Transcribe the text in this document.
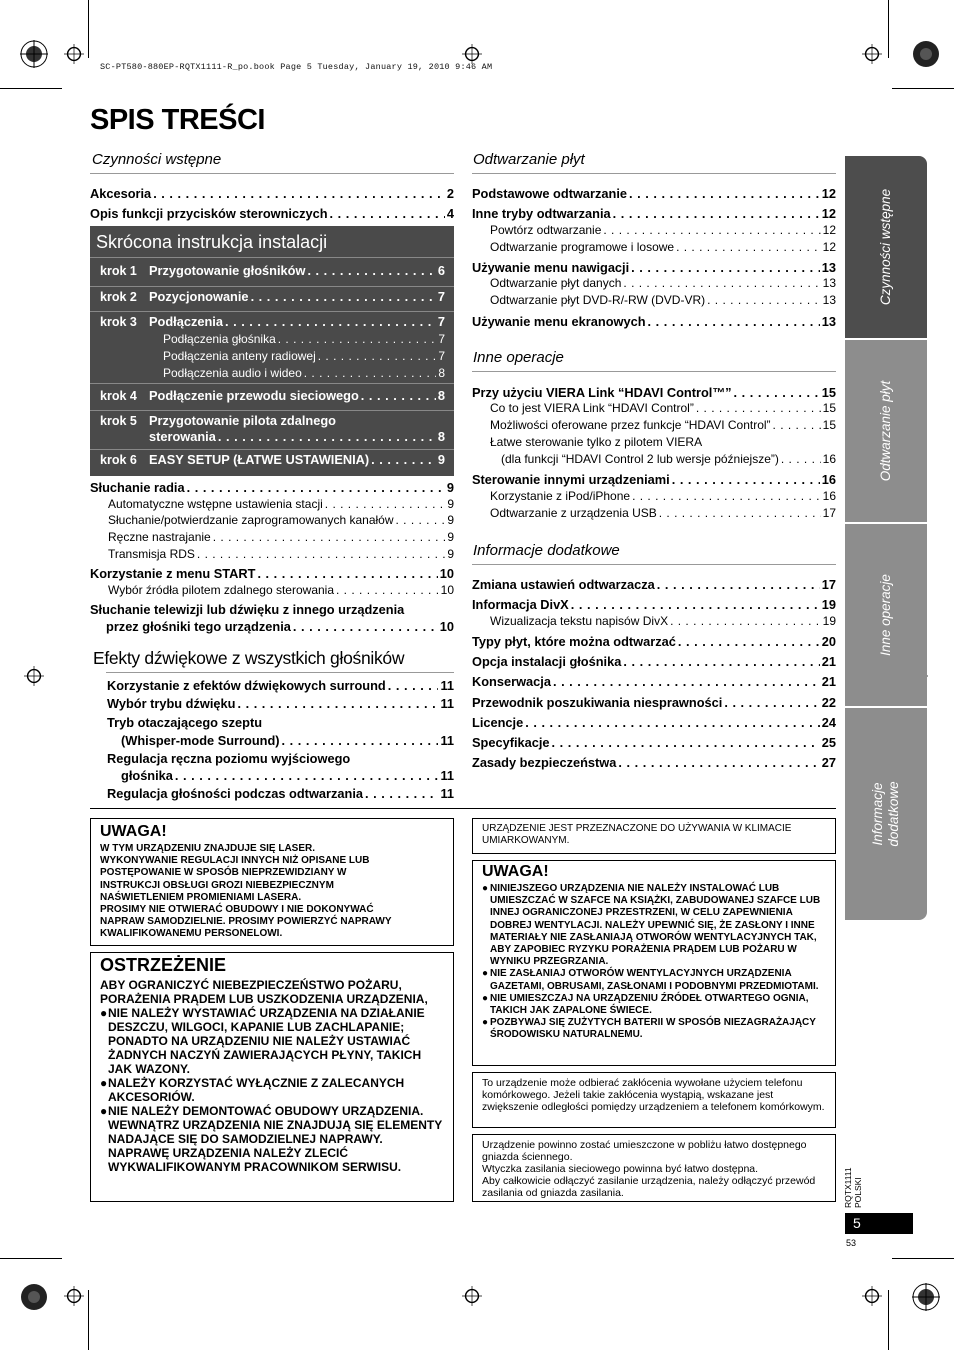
SC-PT580-880EP-RQTX1111-R_po.book Page 5 Tuesday, January 19, 2010 9:46 AM
SPIS TREŚCI
Czynności wstępne
Akcesoria . . .	2
Opis funkcji przycisków sterowniczych . . .	4
Skrócona instrukcja instalacji
krok 1 Przygotowanie głośników . . .	6
krok 2 Pozycjonowanie . . .	7
krok 3 Podłączenia . . .	7
Podłączenia głośnika . . .	7
Podłączenia anteny radiowej . . .	7
Podłączenia audio i wideo . . .	8
krok 4 Podłączenie przewodu sieciowego . . .	8
krok 5 Przygotowanie pilota zdalnego
sterowania . . .	8
krok 6 EASY SETUP (ŁATWE USTAWIENIA) . . .	9
Słuchanie radia . . .	9
Automatyczne wstępne ustawienia stacji . . .	9
Słuchanie/potwierdzanie zaprogramowanych kanałów . . .	9
Ręczne nastrajanie . . .	9
Transmisja RDS . . .	9
Korzystanie z menu START . . .	10
Wybór źródła pilotem zdalnego sterowania . . .	10
Słuchanie telewizji lub dźwięku z innego urządzenia
przez głośniki tego urządzenia . . .	10
Efekty dźwiękowe z wszystkich głośników
Korzystanie z efektów dźwiękowych surround . . .	11
Wybór trybu dźwięku . . .	11
Tryb otaczającego szeptu
(Whisper-mode Surround) . . .	11
Regulacja ręczna poziomu wyjściowego
głośnika . . .	11
Regulacja głośności podczas odtwarzania . . .	11
Odtwarzanie płyt
Podstawowe odtwarzanie . . .	12
Inne tryby odtwarzania . . .	12
Powtórz odtwarzanie . . .	12
Odtwarzanie programowe i losowe . . .	12
Używanie menu nawigacji . . .	13
Odtwarzanie płyt danych . . .	13
Odtwarzanie płyt DVD-R/-RW (DVD-VR) . . .	13
Używanie menu ekranowych . . .	13
Inne operacje
Przy użyciu VIERA Link “HDAVI Control™” . . .	15
Co to jest VIERA Link “HDAVI Control” . . .	15
Możliwości oferowane przez funkcje “HDAVI Control” . . .	15
Łatwe sterowanie tylko z pilotem VIERA
(dla funkcji “HDAVI Control 2 lub wersje późniejsze”) . . .	16
Sterowanie innymi urządzeniami . . .	16
Korzystanie z iPod/iPhone . . .	16
Odtwarzanie z urządzenia USB . . .	17
Informacje dodatkowe
Zmiana ustawień odtwarzacza . . .	17
Informacja DivX . . .	19
Wizualizacja tekstu napisów DivX . . .	19
Typy płyt, które można odtwarzać . . .	20
Opcja instalacji głośnika . . .	21
Konserwacja . . .	21
Przewodnik poszukiwania niesprawności . . .	22
Licencje . . .	24
Specyfikacje . . .	25
Zasady bezpieczeństwa . . .	27
Czynności wstępne
Odtwarzanie płyt
Inne operacje
Informacje
dodatkowe
UWAGA!
W TYM URZĄDZENIU ZNAJDUJE SIĘ LASER.
WYKONYWANIE REGULACJI INNYCH NIŻ OPISANE LUB
POSTĘPOWANIE W SPOSÓB NIEPRZEWIDZIANY W
INSTRUKCJI OBSŁUGI GROZI NIEBEZPIECZNYM
NAŚWIETLENIEM PROMIENIAMI LASERA.
PROSIMY NIE OTWIERAĆ OBUDOWY I NIE DOKONYWAĆ
NAPRAW SAMODZIELNIE. PROSIMY POWIERZYĆ NAPRAWY
KWALIFIKOWANEMU PERSONELOWI.
OSTRZEŻENIE
ABY OGRANICZYĆ NIEBEZPIECZEŃSTWO POŻARU, PORAŻENIA PRĄDEM LUB USZKODZENIA URZĄDZENIA,
● NIE NALEŻY WYSTAWIAĆ URZĄDZENIA NA DZIAŁANIE DESZCZU, WILGOCI, KAPANIE LUB ZACHLAPANIE; PONADTO NA URZĄDZENIU NIE NALEŻY USTAWIAĆ ŻADNYCH NACZYŃ ZAWIERAJĄCYCH PŁYNY, TAKICH JAK WAZONY.
● NALEŻY KORZYSTAĆ WYŁĄCZNIE Z ZALECANYCH AKCESORIÓW.
● NIE NALEŻY DEMONTOWAĆ OBUDOWY URZĄDZENIA. WEWNĄTRZ URZĄDZENIA NIE ZNAJDUJĄ SIĘ ELEMENTY NADAJĄCE SIĘ DO SAMODZIELNEJ NAPRAWY. NAPRAWĘ URZĄDZENIA NALEŻY ZLECIĆ WYKWALIFIKOWANYM PRACOWNIKOM SERWISU.
URZĄDZENIE JEST PRZEZNACZONE DO UŻYWANIA W KLIMACIE UMIARKOWANYM.
UWAGA!
● NINIEJSZEGO URZĄDZENIA NIE NALEŻY INSTALOWAĆ LUB UMIESZCZAĆ W SZAFCE NA KSIĄŻKI, ZABUDOWANEJ SZAFCE LUB INNEJ OGRANICZONEJ PRZESTRZENI, W CELU ZAPEWNIENIA DOBREJ WENTYLACJI. NALEŻY UPEWNIĆ SIĘ, ŻE ZASŁONY I INNE MATERIAŁY NIE ZASŁANIAJĄ OTWORÓW WENTYLACYJNYCH TAK, ABY ZAPOBIEC RYZYKU PORAŻENIA PRĄDEM LUB POŻARU W WYNIKU PRZEGRZANIA.
● NIE ZASŁANIAJ OTWORÓW WENTYLACYJNYCH URZĄDZENIA GAZETAMI, OBRUSAMI, ZASŁONAMI I PODOBNYMI PRZEDMIOTAMI.
● NIE UMIESZCZAJ NA URZĄDZENIU ŹRÓDEŁ OTWARTEGO OGNIA, TAKICH JAK ZAPALONE ŚWIECE.
● POZBYWAJ SIĘ ZUŻYTYCH BATERII W SPOSÓB NIEZAGRAŻAJĄCY ŚRODOWISKU NATURALNEMU.
To urządzenie może odbierać zakłócenia wywołane użyciem telefonu komórkowego. Jeżeli takie zakłócenia wystąpią, wskazane jest zwiększenie odległości pomiędzy urządzeniem a telefonem komórkowym.
Urządzenie powinno zostać umieszczone w pobliżu łatwo dostępnego gniazda ściennego.
Wtyczka zasilania sieciowego powinna być łatwo dostępna.
Aby całkowicie odłączyć zasilanie urządzenia, należy odłączyć przewód zasilania od gniazda zasilania.	RQTX1111 POLSKI
5
53
